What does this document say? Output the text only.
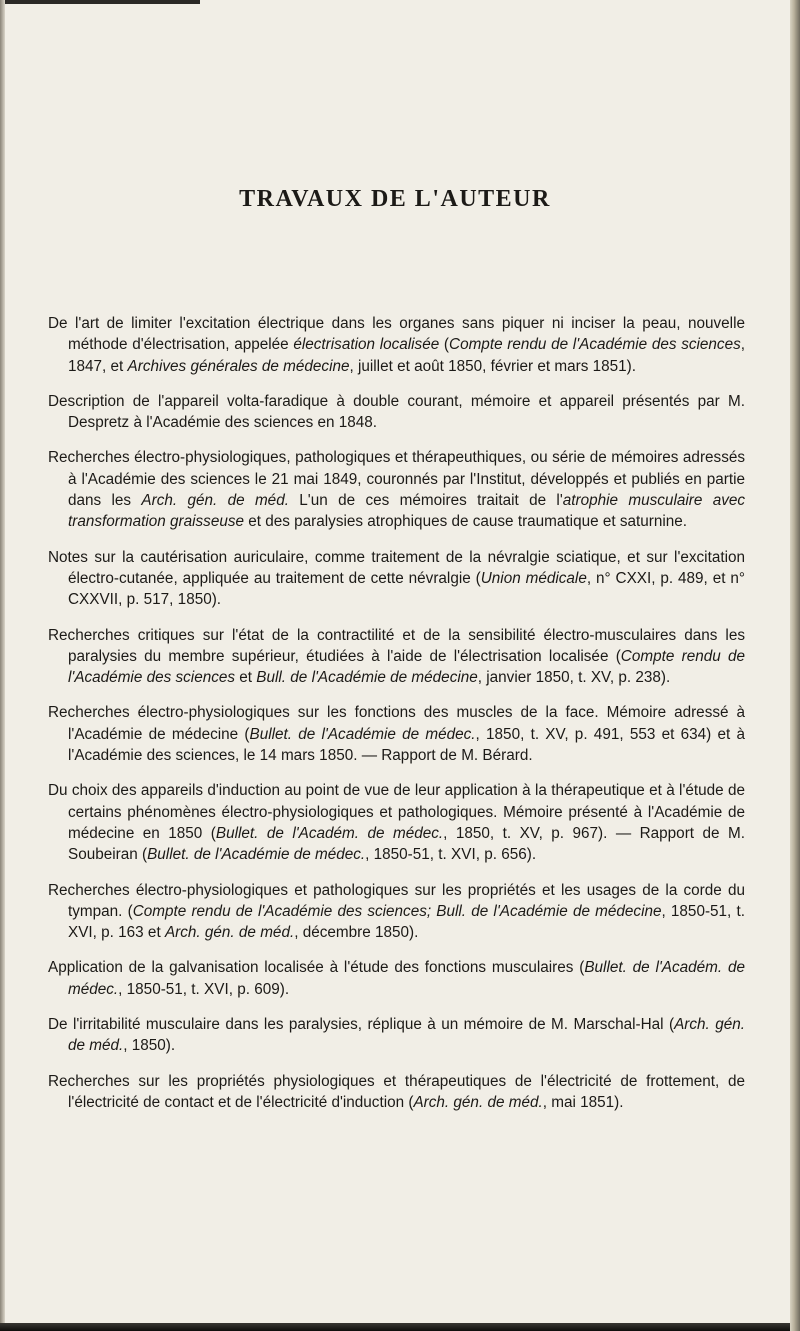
TRAVAUX DE L'AUTEUR

De l'art de limiter l'excitation électrique dans les organes sans piquer ni inciser la peau, nouvelle méthode d'électrisation, appelée électrisation localisée (Compte rendu de l'Académie des sciences, 1847, et Archives générales de médecine, juillet et août 1850, février et mars 1851).

Description de l'appareil volta-faradique à double courant, mémoire et appareil présentés par M. Despretz à l'Académie des sciences en 1848.

Recherches électro-physiologiques, pathologiques et thérapeuthiques, ou série de mémoires adressés à l'Académie des sciences le 21 mai 1849, couronnés par l'Institut, développés et publiés en partie dans les Arch. gén. de méd. L'un de ces mémoires traitait de l'atrophie musculaire avec transformation graisseuse et des paralysies atrophiques de cause traumatique et saturnine.

Notes sur la cautérisation auriculaire, comme traitement de la névralgie sciatique, et sur l'excitation électro-cutanée, appliquée au traitement de cette névralgie (Union médicale, n° CXXI, p. 489, et n° CXXVII, p. 517, 1850).

Recherches critiques sur l'état de la contractilité et de la sensibilité électro-musculaires dans les paralysies du membre supérieur, étudiées à l'aide de l'électrisation localisée (Compte rendu de l'Académie des sciences et Bull. de l'Académie de médecine, janvier 1850, t. XV, p. 238).

Recherches électro-physiologiques sur les fonctions des muscles de la face. Mémoire adressé à l'Académie de médecine (Bullet. de l'Académie de médec., 1850, t. XV, p. 491, 553 et 634) et à l'Académie des sciences, le 14 mars 1850. — Rapport de M. Bérard.

Du choix des appareils d'induction au point de vue de leur application à la thérapeutique et à l'étude de certains phénomènes électro-physiologiques et pathologiques. Mémoire présenté à l'Académie de médecine en 1850 (Bullet. de l'Académ. de médec., 1850, t. XV, p. 967). — Rapport de M. Soubeiran (Bullet. de l'Académie de médec., 1850-51, t. XVI, p. 656).

Recherches électro-physiologiques et pathologiques sur les propriétés et les usages de la corde du tympan. (Compte rendu de l'Académie des sciences; Bull. de l'Académie de médecine, 1850-51, t. XVI, p. 163 et Arch. gén. de méd., décembre 1850).

Application de la galvanisation localisée à l'étude des fonctions musculaires (Bullet. de l'Académ. de médec., 1850-51, t. XVI, p. 609).

De l'irritabilité musculaire dans les paralysies, réplique à un mémoire de M. Marschal-Hal (Arch. gén. de méd., 1850).

Recherches sur les propriétés physiologiques et thérapeutiques de l'électricité de frottement, de l'électricité de contact et de l'électricité d'induction (Arch. gén. de méd., mai 1851).
